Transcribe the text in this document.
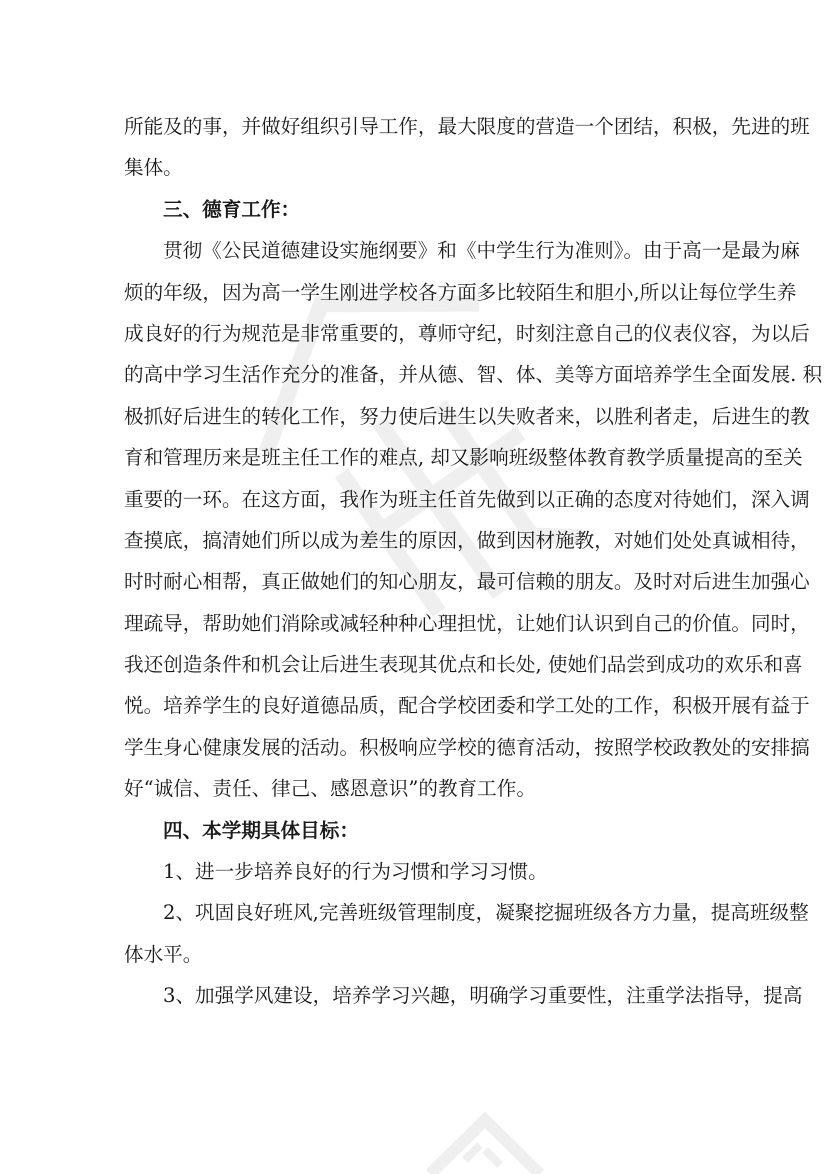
所能及的事，并做好组织引导工作，最大限度的营造一个团结，积极，先进的班
集体。
三、德育工作：
贯彻《公民道德建设实施纲要》和《中学生行为准则》。由于高一是最为麻
烦的年级，因为高一学生刚进学校各方面多比较陌生和胆小,所以让每位学生养
成良好的行为规范是非常重要的，尊师守纪，时刻注意自己的仪表仪容，为以后
的高中学习生活作充分的准备，并从德、智、体、美等方面培养学生全面发展. 积
极抓好后进生的转化工作，努力使后进生以失败者来，以胜利者走，后进生的教
育和管理历来是班主任工作的难点, 却又影响班级整体教育教学质量提高的至关
重要的一环。在这方面，我作为班主任首先做到以正确的态度对待她们，深入调
查摸底，搞清她们所以成为差生的原因，做到因材施教，对她们处处真诚相待，
时时耐心相帮，真正做她们的知心朋友，最可信赖的朋友。及时对后进生加强心
理疏导，帮助她们消除或减轻种种心理担忧，让她们认识到自己的价值。同时，
我还创造条件和机会让后进生表现其优点和长处, 使她们品尝到成功的欢乐和喜
悦。培养学生的良好道德品质，配合学校团委和学工处的工作，积极开展有益于
学生身心健康发展的活动。积极响应学校的德育活动，按照学校政教处的安排搞
好“诚信、责任、律己、感恩意识”的教育工作。
四、本学期具体目标：
1、进一步培养良好的行为习惯和学习习惯。
2、巩固良好班风,完善班级管理制度，凝聚挖掘班级各方力量，提高班级整
体水平。
3、加强学风建设，培养学习兴趣，明确学习重要性，注重学法指导，提高
